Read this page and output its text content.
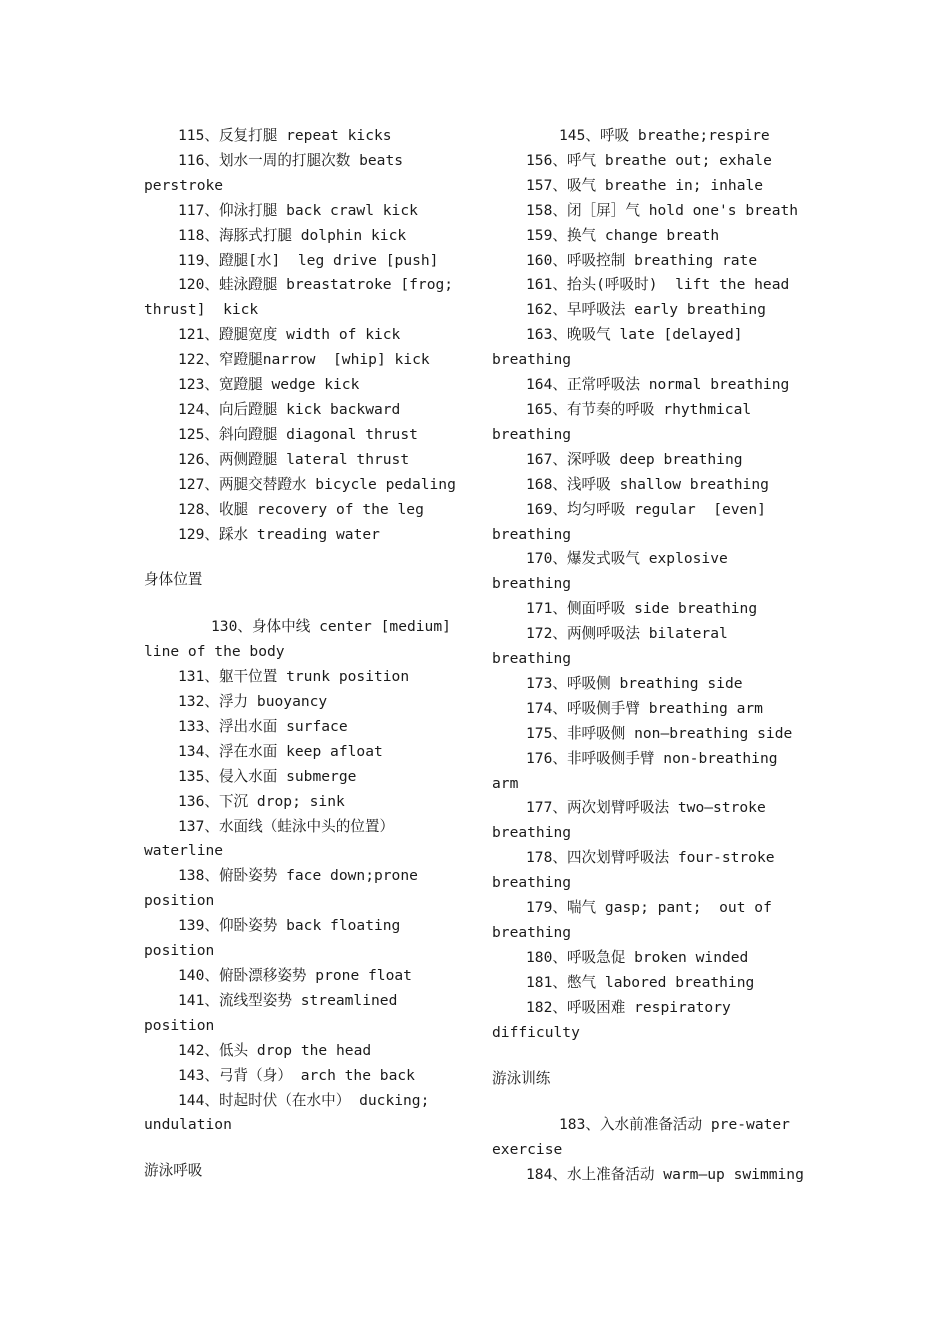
115、反复打腿 repeat kicks

116、划水一周的打腿次数 beats perstroke

117、仰泳打腿 back crawl kick

118、海豚式打腿 dolphin kick

119、蹬腿[水]  leg drive [push]

120、蛙泳蹬腿 breastatroke [frog; thrust]  kick

121、蹬腿宽度 width of kick

122、窄蹬腿narrow  [whip] kick

123、宽蹬腿 wedge kick

124、向后蹬腿 kick backward

125、斜向蹬腿 diagonal thrust

126、两侧蹬腿 lateral thrust

127、两腿交替蹬水 bicycle pedaling

128、收腿 recovery of the leg

129、踩水 treading water

身体位置

130、身体中线 center [medium]  line of the body

131、躯干位置 trunk position

132、浮力 buoyancy

133、浮出水面 surface

134、浮在水面 keep afloat

135、侵入水面 submerge

136、下沉 drop; sink

137、水面线（蛙泳中头的位置） waterline

138、俯卧姿势 face down;prone position

139、仰卧姿势 back floating position

140、俯卧漂移姿势 prone float

141、流线型姿势 streamlined position

142、低头 drop the head

143、弓背（身） arch the back

144、时起时伏（在水中） ducking; undulation

游泳呼吸

145、呼吸 breathe;respire

156、呼气 breathe out; exhale

157、吸气 breathe in; inhale

158、闭［屏］气 hold one's breath

159、换气 change breath

160、呼吸控制 breathing rate

161、抬头(呼吸时)  lift the head

162、早呼吸法 early breathing

163、晚吸气 late [delayed] breathing

164、正常呼吸法 normal breathing

165、有节奏的呼吸 rhythmical breathing

167、深呼吸 deep breathing

168、浅呼吸 shallow breathing

169、均匀呼吸 regular  [even] breathing

170、爆发式吸气 explosive breathing

171、侧面呼吸 side breathing

172、两侧呼吸法 bilateral breathing

173、呼吸侧 breathing side

174、呼吸侧手臂 breathing arm

175、非呼吸侧 non—breathing side

176、非呼吸侧手臂 non-breathing arm

177、两次划臂呼吸法 two—stroke breathing

178、四次划臂呼吸法 four-stroke breathing

179、喘气 gasp; pant;  out of breathing

180、呼吸急促 broken winded

181、憋气 labored breathing

182、呼吸困难 respiratory difficulty

游泳训练

183、入水前准备活动 pre-water exercise

184、水上准备活动 warm—up swimming
